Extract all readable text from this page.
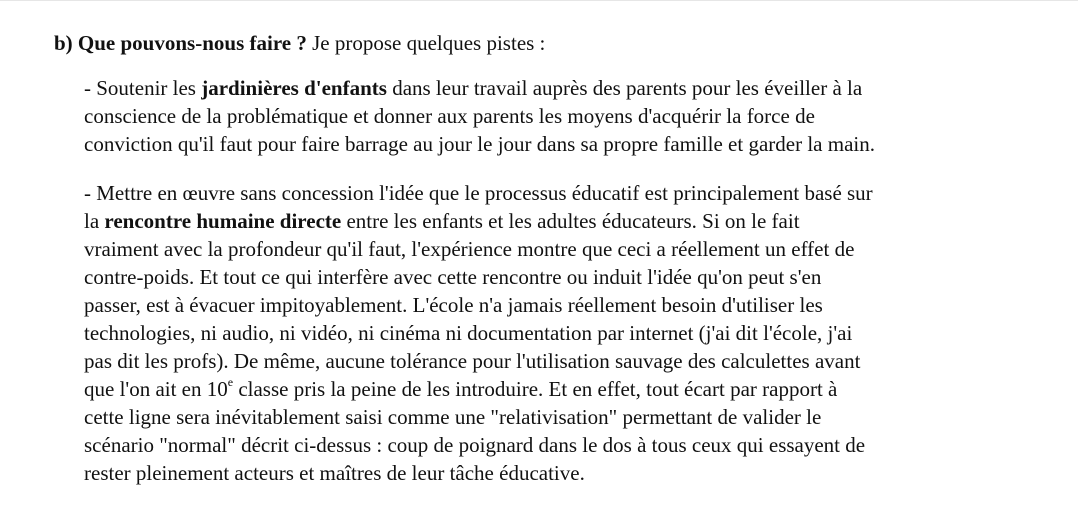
b) Que pouvons-nous faire ? Je propose quelques pistes :
- Soutenir les jardinières d'enfants dans leur travail auprès des parents pour les éveiller à la
conscience de la problématique et donner aux parents les moyens d'acquérir la force de
conviction qu'il faut pour faire barrage au jour le jour dans sa propre famille et garder la main.
- Mettre en œuvre sans concession l'idée que le processus éducatif est principalement basé sur
la rencontre humaine directe entre les enfants et les adultes éducateurs. Si on le fait
vraiment avec la profondeur qu'il faut, l'expérience montre que ceci a réellement un effet de
contre-poids. Et tout ce qui interfère avec cette rencontre ou induit l'idée qu'on peut s'en
passer, est à évacuer impitoyablement. L'école n'a jamais réellement besoin d'utiliser les
technologies, ni audio, ni vidéo, ni cinéma ni documentation par internet (j'ai dit l'école, j'ai
pas dit les profs). De même, aucune tolérance pour l'utilisation sauvage des calculettes avant
que l'on ait en 10e classe pris la peine de les introduire. Et en effet, tout écart par rapport à
cette ligne sera inévitablement saisi comme une "relativisation" permettant de valider le
scénario "normal" décrit ci-dessus : coup de poignard dans le dos à tous ceux qui essayent de
rester pleinement acteurs et maîtres de leur tâche éducative.
